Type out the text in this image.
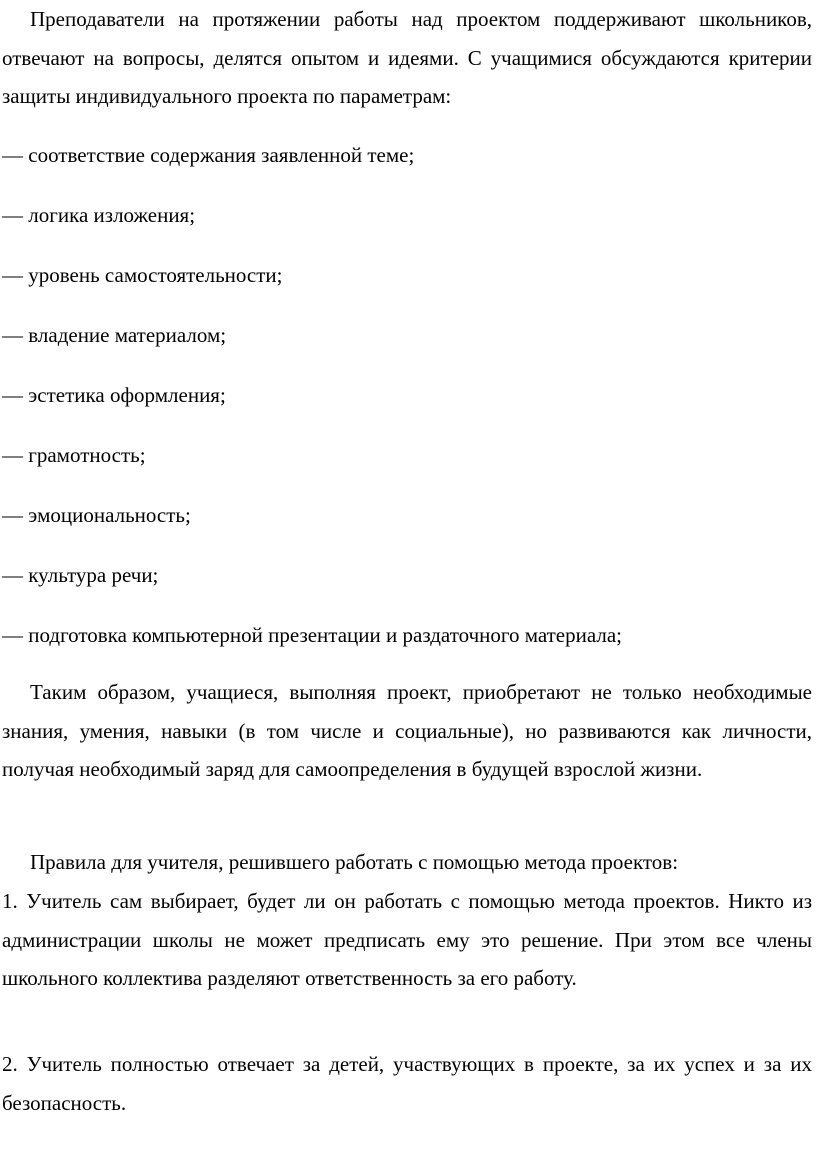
Преподаватели на протяжении работы над проектом поддерживают школьников, отвечают на вопросы, делятся опытом и идеями. С учащимися обсуждаются критерии защиты индивидуального проекта по параметрам:

— соответствие содержания заявленной теме;
— логика изложения;
— уровень самостоятельности;
— владение материалом;
— эстетика оформления;
— грамотность;
— эмоциональность;
— культура речи;
— подготовка компьютерной презентации и раздаточного материала;

Таким образом, учащиеся, выполняя проект, приобретают не только необходимые знания, умения, навыки (в том числе и социальные), но развиваются как личности, получая необходимый заряд для самоопределения в будущей взрослой жизни.

Правила для учителя, решившего работать с помощью метода проектов:

1. Учитель сам выбирает, будет ли он работать с помощью метода проектов. Никто из администрации школы не может предписать ему это решение. При этом все члены школьного коллектива разделяют ответственность за его работу.

2. Учитель полностью отвечает за детей, участвующих в проекте, за их успех и за их безопасность.
